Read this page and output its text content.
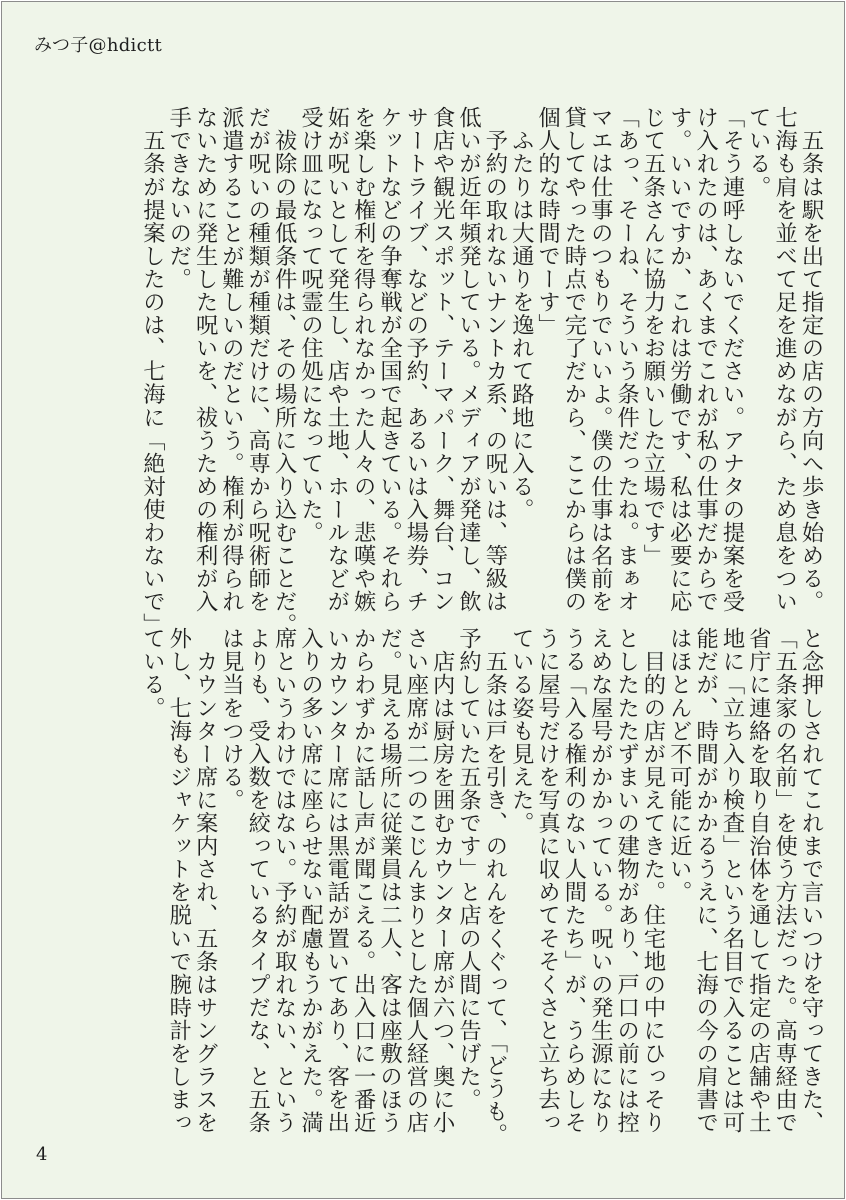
みつ子@hdictt
　五条は駅を出て指定の店の方向へ歩き始める。
七海も肩を並べて足を進めながら、ため息をつい
ている。
「そう連呼しないでください。アナタの提案を受
け入れたのは、あくまでこれが私の仕事だからで
す。いいですか、これは労働です、私は必要に応
じて五条さんに協力をお願いした立場です」
「あっ、そーね、そういう条件だったね。まぁオ
マエは仕事のつもりでいいよ。僕の仕事は名前を
貸してやった時点で完了だから、ここからは僕の
個人的な時間でーす」
　ふたりは大通りを逸れて路地に入る。
　予約の取れないナントカ系、の呪いは、等級は
低いが近年頻発している。メディアが発達し、飲
食店や観光スポット、テーマパーク、舞台、コン
サートライブ、などの予約、あるいは入場券、チ
ケットなどの争奪戦が全国で起きている。それら
を楽しむ権利を得られなかった人々の、悲嘆や嫉
妬が呪いとして発生し、店や土地、ホールなどが
受け皿になって呪霊の住処になっていた。
　祓除の最低条件は、その場所に入り込むことだ。
だが呪いの種類が種類だけに、高専から呪術師を
派遣することが難しいのだという。権利が得られ
ないために発生した呪いを、祓うための権利が入
手できないのだ。
　五条が提案したのは、七海に「絶対使わないで」
と念押しされてこれまで言いつけを守ってきた、
「五条家の名前」を使う方法だった。高専経由で
省庁に連絡を取り自治体を通して指定の店舗や土
地に「立ち入り検査」という名目で入ることは可
能だが、時間がかかるうえに、七海の今の肩書で
はほとんど不可能に近い。
　目的の店が見えてきた。住宅地の中にひっそり
としたたたずまいの建物があり、戸口の前には控
えめな屋号がかかっている。呪いの発生源になり
うる「入る権利のない人間たち」が、うらめしそ
うに屋号だけを写真に収めてそそくさと立ち去っ
ている姿も見えた。
　五条は戸を引き、のれんをくぐって、「どうも。
予約していた五条です」と店の人間に告げた。
　店内は厨房を囲むカウンター席が六つ、奥に小
さい座席が二つのこじんまりとした個人経営の店
だ。見える場所に従業員は二人、客は座敷のほう
からわずかに話し声が聞こえる。出入口に一番近
いカウンター席には黒電話が置いてあり、客を出
入りの多い席に座らせない配慮もうかがえた。満
席というわけではない。予約が取れない、という
よりも、受入数を絞っているタイプだな、と五条
は見当をつける。
　カウンター席に案内され、五条はサングラスを
外し、七海もジャケットを脱いで腕時計をしまっ
ている。
4
